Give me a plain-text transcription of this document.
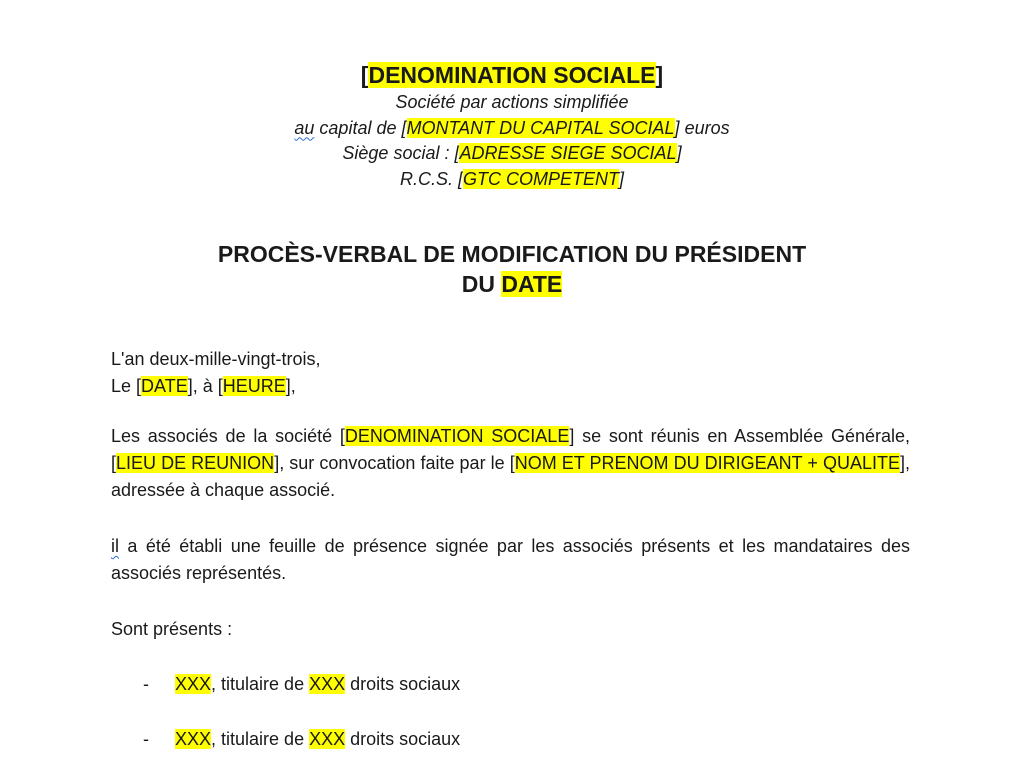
[DENOMINATION SOCIALE]

Société par actions simplifiée

au capital de [MONTANT DU CAPITAL SOCIAL] euros

Siège social : [ADRESSE SIEGE SOCIAL]

R.C.S. [GTC COMPETENT]

PROCÈS-VERBAL DE MODIFICATION DU PRÉSIDENT
DU DATE
L'an deux-mille-vingt-trois,
Le [DATE], à [HEURE],

Les associés de la société [DENOMINATION SOCIALE] se sont réunis en Assemblée Générale, [LIEU DE REUNION], sur convocation faite par le [NOM ET PRENOM DU DIRIGEANT + QUALITE], adressée à chaque associé.

il a été établi une feuille de présence signée par les associés présents et les mandataires des associés représentés.

Sont présents :

- XXX, titulaire de XXX droits sociaux

- XXX, titulaire de XXX droits sociaux
